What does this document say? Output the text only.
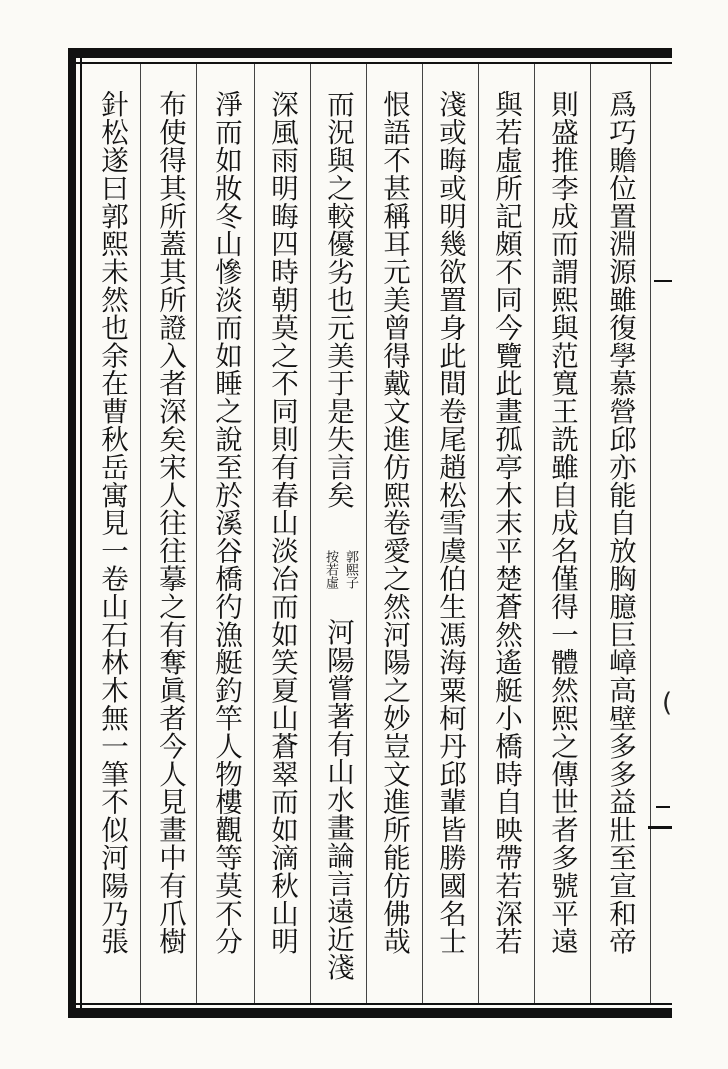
爲巧贍位置淵源雖復學慕營邱亦能自放胸臆巨嶂高壁多多益壯至宣和帝
則盛推李成而謂熙與范寬王詵雖自成名僅得一體然熙之傳世者多號平遠
與若虛所記頗不同今覽此畫孤亭木末平楚蒼然遙艇小橋時自映帶若深若
淺或晦或明幾欲置身此間卷尾趙松雪虞伯生馮海粟柯丹邱輩皆勝國名士
恨語不甚稱耳元美曾得戴文進仿熙卷愛之然河陽之妙豈文進所能仿佛哉
而況與之較優劣也元美于是失言矣
按若虛 郭熙子
河陽嘗著有山水畫論言遠近淺
深風雨明晦四時朝莫之不同則有春山淡冶而如笑夏山蒼翠而如滴秋山明
淨而如妝冬山慘淡而如睡之說至於溪谷橋彴漁艇釣竿人物樓觀等莫不分
布使得其所蓋其所證入者深矣宋人往往摹之有奪眞者今人見畫中有爪樹
針松遂曰郭熙未然也余在曹秋岳寓見一卷山石林木無一筆不似河陽乃張	(
